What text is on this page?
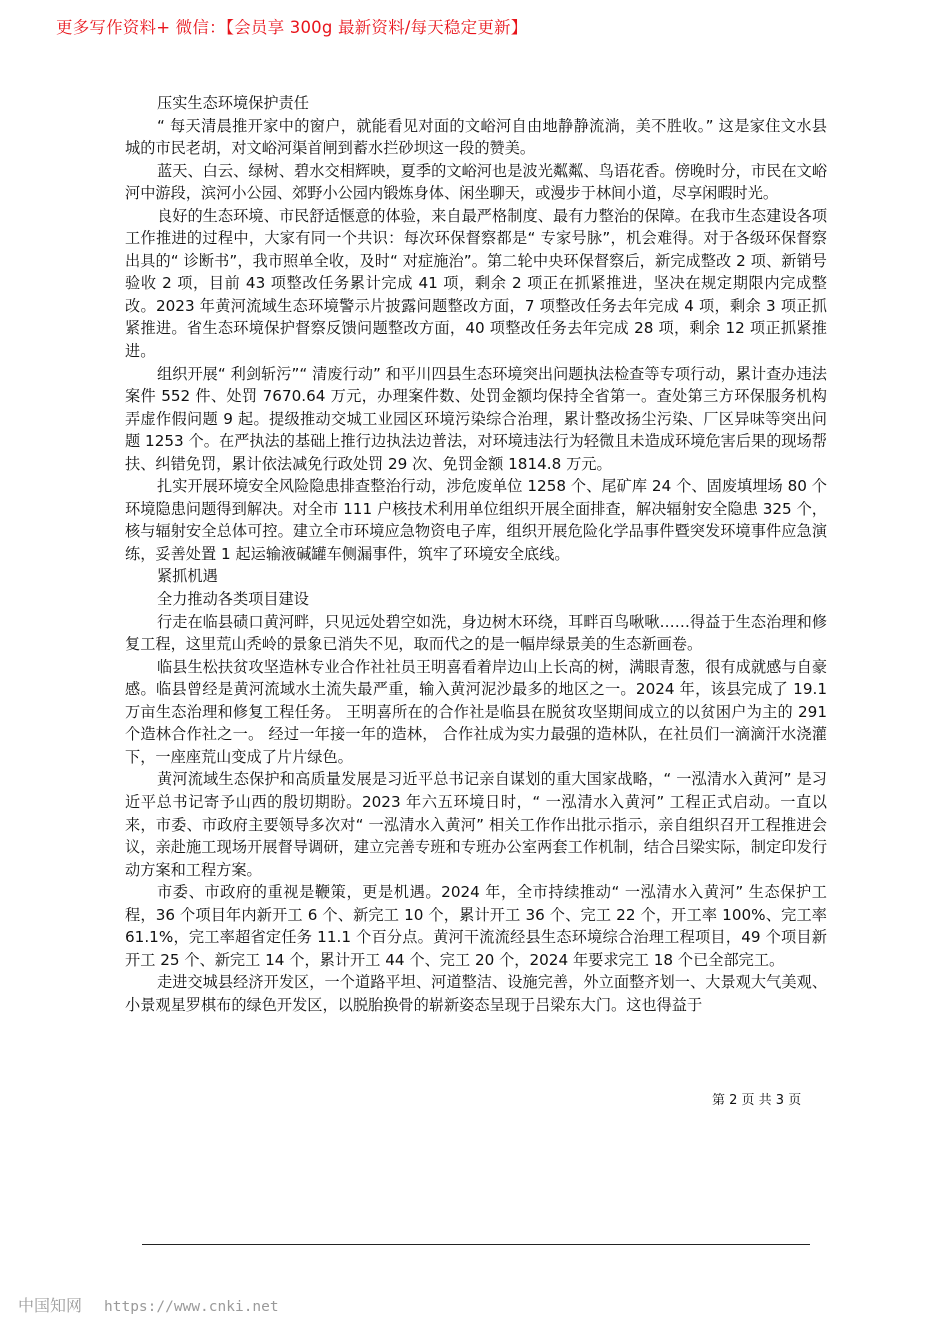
更多写作资料+ 微信：【会员享 300g 最新资料/每天稳定更新】

压实生态环境保护责任

“ 每天清晨推开家中的窗户，就能看见对面的文峪河自由地静静流淌，美不胜收。” 这是家住文水县城的市民老胡，对文峪河渠首闸到蓄水拦砂坝这一段的赞美。

蓝天、白云、绿树、碧水交相辉映，夏季的文峪河也是波光粼粼、鸟语花香。傍晚时分，市民在文峪河中游段，滨河小公园、郊野小公园内锻炼身体、闲坐聊天，或漫步于林间小道，尽享闲暇时光。

良好的生态环境、市民舒适惬意的体验，来自最严格制度、最有力整治的保障。在我市生态建设各项工作推进的过程中，大家有同一个共识：每次环保督察都是“ 专家号脉”，机会难得。对于各级环保督察出具的“ 诊断书”，我市照单全收，及时“ 对症施治”。第二轮中央环保督察后，新完成整改 2 项、新销号验收 2 项，目前 43 项整改任务累计完成 41 项，剩余 2 项正在抓紧推进，坚决在规定期限内完成整改。2023 年黄河流域生态环境警示片披露问题整改方面，7 项整改任务去年完成 4 项，剩余 3 项正抓紧推进。省生态环境保护督察反馈问题整改方面，40 项整改任务去年完成 28 项，剩余 12 项正抓紧推进。

组织开展“ 利剑斩污”“ 清废行动” 和平川四县生态环境突出问题执法检查等专项行动，累计查办违法案件 552 件、处罚 7670.64 万元，办理案件数、处罚金额均保持全省第一。查处第三方环保服务机构弄虚作假问题 9 起。提级推动交城工业园区环境污染综合治理，累计整改扬尘污染、厂区异味等突出问题 1253 个。在严执法的基础上推行边执法边普法，对环境违法行为轻微且未造成环境危害后果的现场帮扶、纠错免罚，累计依法减免行政处罚 29 次、免罚金额 1814.8 万元。

扎实开展环境安全风险隐患排查整治行动，涉危废单位 1258 个、尾矿库 24 个、固废填埋场 80 个环境隐患问题得到解决。对全市 111 户核技术利用单位组织开展全面排查，解决辐射安全隐患 325 个，核与辐射安全总体可控。建立全市环境应急物资电子库，组织开展危险化学品事件暨突发环境事件应急演练，妥善处置 1 起运输液碱罐车侧漏事件，筑牢了环境安全底线。

紧抓机遇

全力推动各类项目建设

行走在临县碛口黄河畔，只见远处碧空如洗，身边树木环绕，耳畔百鸟啾啾……得益于生态治理和修复工程，这里荒山秃岭的景象已消失不见，取而代之的是一幅岸绿景美的生态新画卷。

临县生松扶贫攻坚造林专业合作社社员王明喜看着岸边山上长高的树，满眼青葱，很有成就感与自豪感。临县曾经是黄河流域水土流失最严重，输入黄河泥沙最多的地区之一。2024 年，该县完成了 19.1 万亩生态治理和修复工程任务。 王明喜所在的合作社是临县在脱贫攻坚期间成立的以贫困户为主的 291 个造林合作社之一。 经过一年接一年的造林， 合作社成为实力最强的造林队，在社员们一滴滴汗水浇灌下，一座座荒山变成了片片绿色。

黄河流域生态保护和高质量发展是习近平总书记亲自谋划的重大国家战略，“ 一泓清水入黄河” 是习近平总书记寄予山西的殷切期盼。2023 年六五环境日时，“ 一泓清水入黄河” 工程正式启动。一直以来，市委、市政府主要领导多次对“ 一泓清水入黄河” 相关工作作出批示指示，亲自组织召开工程推进会议，亲赴施工现场开展督导调研，建立完善专班和专班办公室两套工作机制，结合吕梁实际，制定印发行动方案和工程方案。

市委、市政府的重视是鞭策，更是机遇。2024 年，全市持续推动“ 一泓清水入黄河” 生态保护工程，36 个项目年内新开工 6 个、新完工 10 个，累计开工 36 个、完工 22 个，开工率 100%、完工率 61.1%，完工率超省定任务 11.1 个百分点。黄河干流流经县生态环境综合治理工程项目，49 个项目新开工 25 个、新完工 14 个，累计开工 44 个、完工 20 个，2024 年要求完工 18 个已全部完工。

走进交城县经济开发区，一个道路平坦、河道整洁、设施完善，外立面整齐划一、大景观大气美观、小景观星罗棋布的绿色开发区，以脱胎换骨的崭新姿态呈现于吕梁东大门。这也得益于

第 2 页 共 3 页
中国知网 https://www.cnki.net
